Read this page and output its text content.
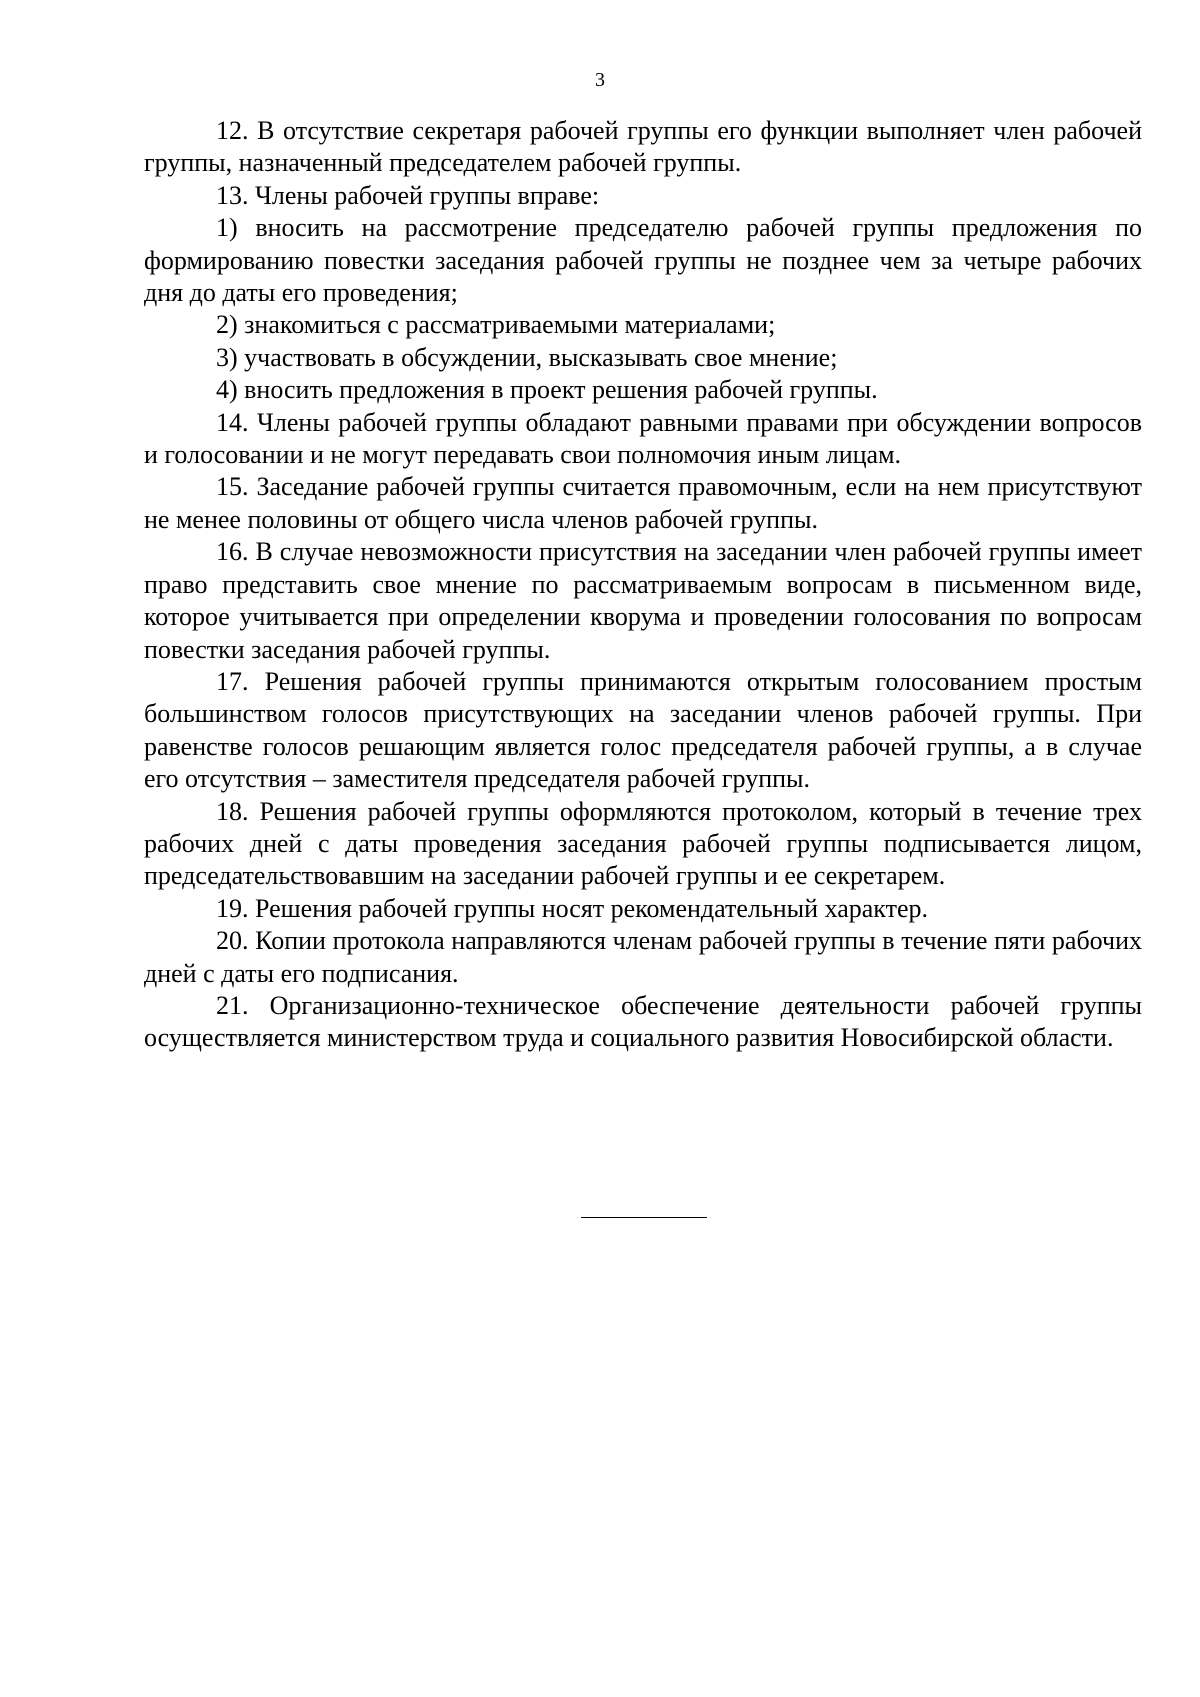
3

12. В отсутствие секретаря рабочей группы его функции выполняет член рабочей группы, назначенный председателем рабочей группы.

13. Члены рабочей группы вправе:

1) вносить на рассмотрение председателю рабочей группы предложения по формированию повестки заседания рабочей группы не позднее чем за четыре рабочих дня до даты его проведения;

2) знакомиться с рассматриваемыми материалами;

3) участвовать в обсуждении, высказывать свое мнение;

4) вносить предложения в проект решения рабочей группы.

14. Члены рабочей группы обладают равными правами при обсуждении вопросов и голосовании и не могут передавать свои полномочия иным лицам.

15. Заседание рабочей группы считается правомочным, если на нем присутствуют не менее половины от общего числа членов рабочей группы.

16. В случае невозможности присутствия на заседании член рабочей группы имеет право представить свое мнение по рассматриваемым вопросам в письменном виде, которое учитывается при определении кворума и проведении голосования по вопросам повестки заседания рабочей группы.

17. Решения рабочей группы принимаются открытым голосованием простым большинством голосов присутствующих на заседании членов рабочей группы. При равенстве голосов решающим является голос председателя рабочей группы, а в случае его отсутствия – заместителя председателя рабочей группы.

18. Решения рабочей группы оформляются протоколом, который в течение трех рабочих дней с даты проведения заседания рабочей группы подписывается лицом, председательствовавшим на заседании рабочей группы и ее секретарем.

19. Решения рабочей группы носят рекомендательный характер.

20. Копии протокола направляются членам рабочей группы в течение пяти рабочих дней с даты его подписания.

21. Организационно-техническое обеспечение деятельности рабочей группы осуществляется министерством труда и социального развития Новосибирской области.
